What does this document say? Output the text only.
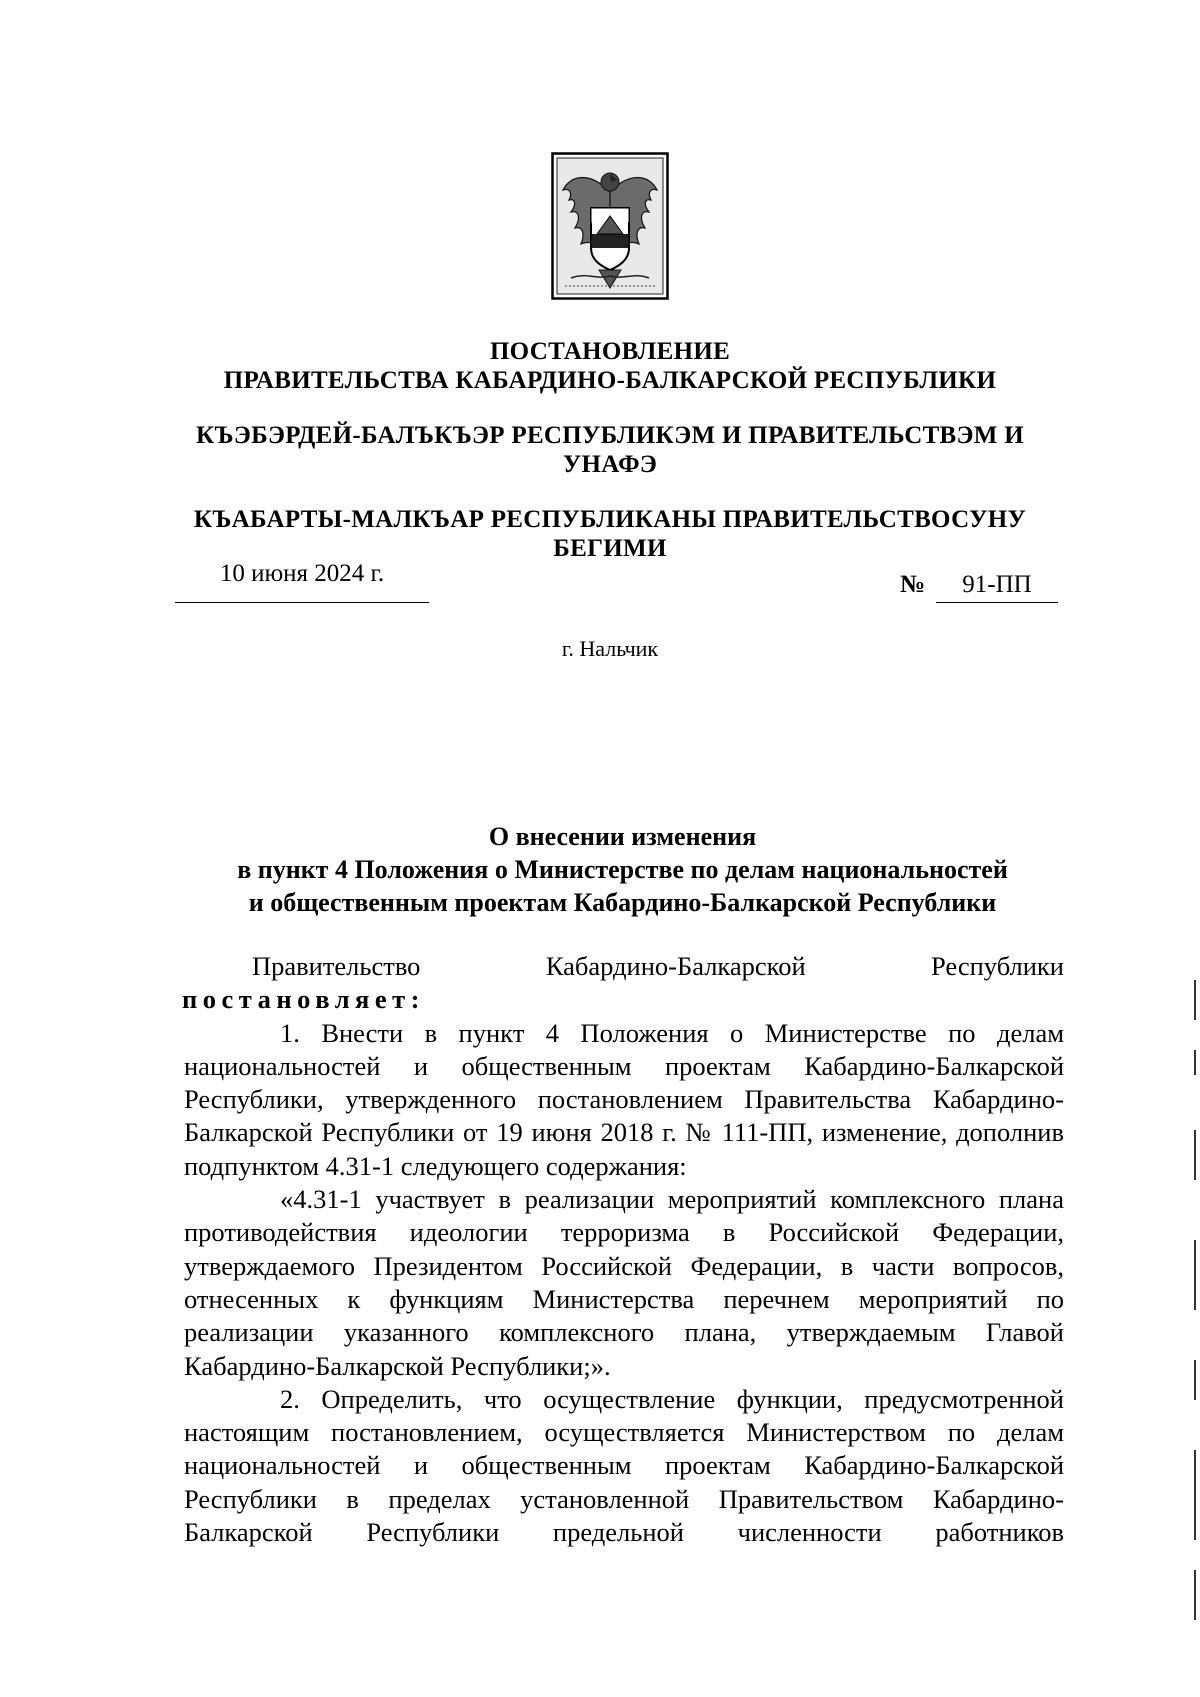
ПОСТАНОВЛЕНИЕ
ПРАВИТЕЛЬСТВА КАБАРДИНО-БАЛКАРСКОЙ РЕСПУБЛИКИ
КЪЭБЭРДЕЙ-БАЛЪКЪЭР РЕСПУБЛИКЭМ И ПРАВИТЕЛЬСТВЭМ И
УНАФЭ
КЪАБАРТЫ-МАЛКЪАР РЕСПУБЛИКАНЫ ПРАВИТЕЛЬСТВОСУНУ
БЕГИМИ
10 июня 2024 г.	№	91-ПП
г. Нальчик
О внесении изменения
в пункт 4 Положения о Министерстве по делам национальностей
и общественным проектам Кабардино-Балкарской Республики
Правительство	Кабардино-Балкарской	Республики
постановляет:

1. Внести в пункт 4 Положения о Министерстве по делам национальностей и общественным проектам Кабардино-Балкарской Республики, утвержденного постановлением Правительства Кабардино-Балкарской Республики от 19 июня 2018 г. № 111-ПП, изменение, дополнив подпунктом 4.31-1 следующего содержания:

«4.31-1 участвует в реализации мероприятий комплексного плана противодействия идеологии терроризма в Российской Федерации, утверждаемого Президентом Российской Федерации, в части вопросов, отнесенных к функциям Министерства перечнем мероприятий по реализации указанного комплексного плана, утверждаемым Главой Кабардино-Балкарской Республики;».

2. Определить, что осуществление функции, предусмотренной настоящим постановлением, осуществляется Министерством по делам национальностей и общественным проектам Кабардино-Балкарской Республики в пределах установленной Правительством Кабардино-Балкарской Республики предельной численности работников
